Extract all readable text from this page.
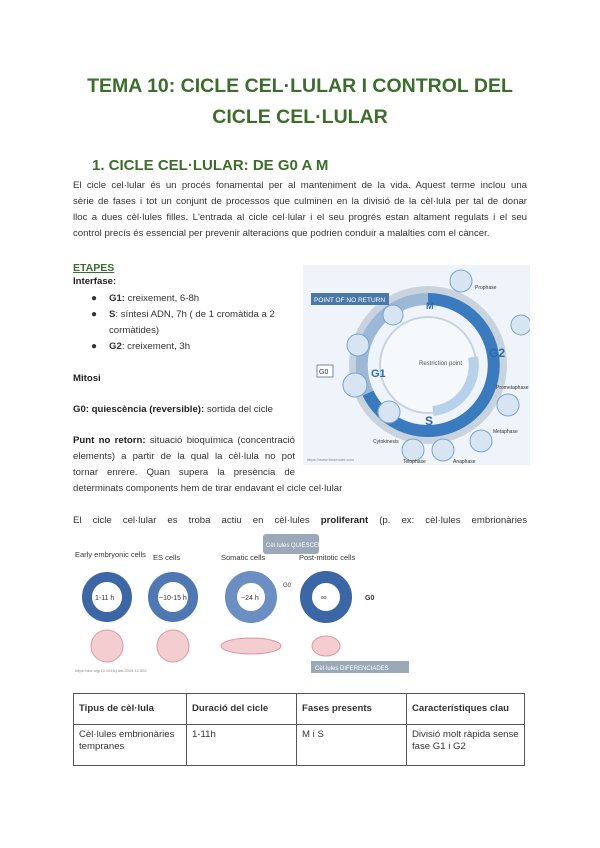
TEMA 10: CICLE CEL·LULAR I CONTROL DEL
CICLE CEL·LULAR
1. CICLE CEL·LULAR: DE G0 A M
El cicle cel·lular és un procés fonamental per al manteniment de la vida. Aquest terme inclou una
sèrie de fases i tot un conjunt de processos que culminen en la divisió de la cèl·lula per tal de donar
lloc a dues cèl·lules filles. L'entrada al cicle cel·lular i el seu progrés estan altament regulats i el seu
control precís és essencial per prevenir alteracions que podrien conduir a malalties com el càncer.
ETAPES
Interfase:
● G1: creixement, 6-8h
● S: síntesi ADN, 7h ( de 1 cromàtida a 2
cormàtides)
● G2: creixement, 3h
Mitosi
G0: quiescència (reversible): sortida del cicle
Punt no retorn: situació bioquímica (concentració
elements) a partir de la qual la cèl·lula no pot
tornar enrere. Quan supera la presència de
determinats components hem de tirar endavant el cicle cel·lular
G2
S
M
G1
POINT OF NO RETURN
G0
Restriction point
Cytokinesis
Telophase	Anaphase
Metaphase
Prometaphase
Prophase
https://www.biorender.com
El cicle cel·lular es troba actiu en cèl·lules proliferant (p. ex: cèl·lules embrionàries
Cèl·lules QUIESCENTS
Early embryonic cells ES cells	Somatic cells	Post-mitotic cells
1-11 h	~10-15 h	~24 h	∞
G0
G0
Cèl·lules DIFERENCIADES
https://doi.org/10.1016/j.tcb.2019.12.002
Tipus de cèl·lula	Duració del cicle	Fases presents	Característiques clau
Cèl·lules embrionàries tempranes	1-11h	M i S	Divisió molt ràpida sense fase G1 i G2
